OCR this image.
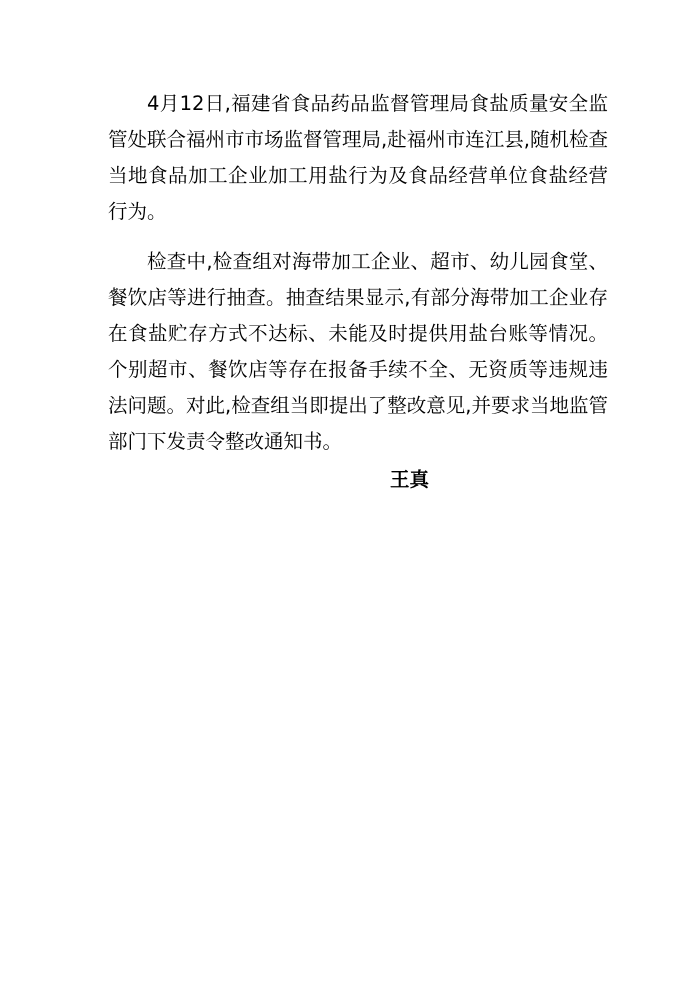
4月12日,福建省食品药品监督管理局食盐质量安全监管处联合福州市市场监督管理局,赴福州市连江县,随机检查当地食品加工企业加工用盐行为及食品经营单位食盐经营行为。

检查中,检查组对海带加工企业、超市、幼儿园食堂、餐饮店等进行抽查。抽查结果显示,有部分海带加工企业存在食盐贮存方式不达标、未能及时提供用盐台账等情况。个别超市、餐饮店等存在报备手续不全、无资质等违规违法问题。对此,检查组当即提出了整改意见,并要求当地监管部门下发责令整改通知书。

王真
